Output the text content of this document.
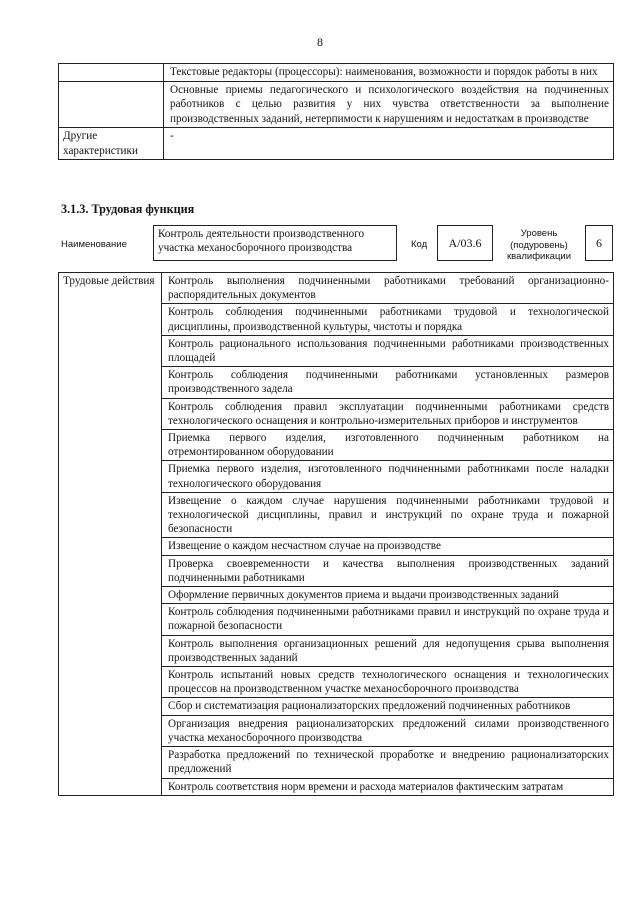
8
	Текстовые редакторы (процессоры): наименования, возможности и порядок работы в них
	Основные приемы педагогического и психологического воздействия на подчиненных работников с целью развития у них чувства ответственности за выполнение производственных заданий, нетерпимости к нарушениям и недостаткам в производстве
Другие характеристики	-
3.1.3. Трудовая функция
Наименование
Контроль деятельности производственного участка механосборочного производства	Код	А/03.6
Уровень (подуровень) квалификации
6
Трудовые действия	Контроль выполнения подчиненными работниками требований организационно-распорядительных документов
Контроль соблюдения подчиненными работниками трудовой и технологической дисциплины, производственной культуры, чистоты и порядка
Контроль рационального использования подчиненными работниками производственных площадей
Контроль соблюдения подчиненными работниками установленных размеров производственного задела
Контроль соблюдения правил эксплуатации подчиненными работниками средств технологического оснащения и контрольно-измерительных приборов и инструментов
Приемка первого изделия, изготовленного подчиненным работником на отремонтированном оборудовании
Приемка первого изделия, изготовленного подчиненными работниками после наладки технологического оборудования
Извещение о каждом случае нарушения подчиненными работниками трудовой и технологической дисциплины, правил и инструкций по охране труда и пожарной безопасности
Извещение о каждом несчастном случае на производстве
Проверка своевременности и качества выполнения производственных заданий подчиненными работниками
Оформление первичных документов приема и выдачи производственных заданий
Контроль соблюдения подчиненными работниками правил и инструкций по охране труда и пожарной безопасности
Контроль выполнения организационных решений для недопущения срыва выполнения производственных заданий
Контроль испытаний новых средств технологического оснащения и технологических процессов на производственном участке механосборочного производства
Сбор и систематизация рационализаторских предложений подчиненных работников
Организация внедрения рационализаторских предложений силами производственного участка механосборочного производства
Разработка предложений по технической проработке и внедрению рационализаторских предложений
Контроль соответствия норм времени и расхода материалов фактическим затратам
